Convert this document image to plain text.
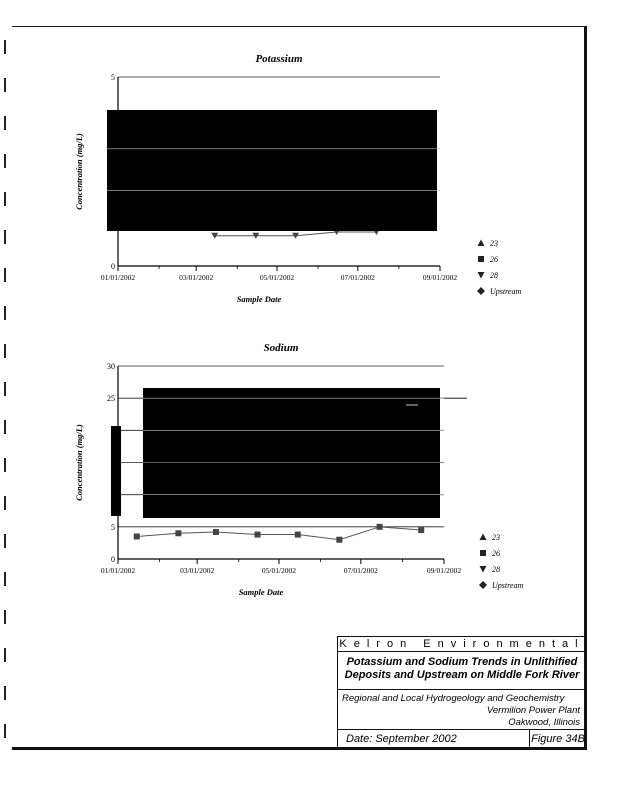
Potassium
0
5
01/01/2002	03/01/2002	05/01/2002	07/01/2002	09/01/2002
Sample Date
Concentration (mg/L)
23
26
28
Upstream
Sodium
0
5
25
30
01/01/2002	03/01/2002	05/01/2002	07/01/2002	09/01/2002
Sample Date
Concentration (mg/L)
23
26
28
Upstream
Kelron Environmental
Potassium and Sodium Trends in Unlithified
Deposits and Upstream on Middle Fork River
Regional and Local Hydrogeology and Geochemistry
Vermilion Power Plant
Oakwood, Illinois
Date: September 2002	Figure 34B
